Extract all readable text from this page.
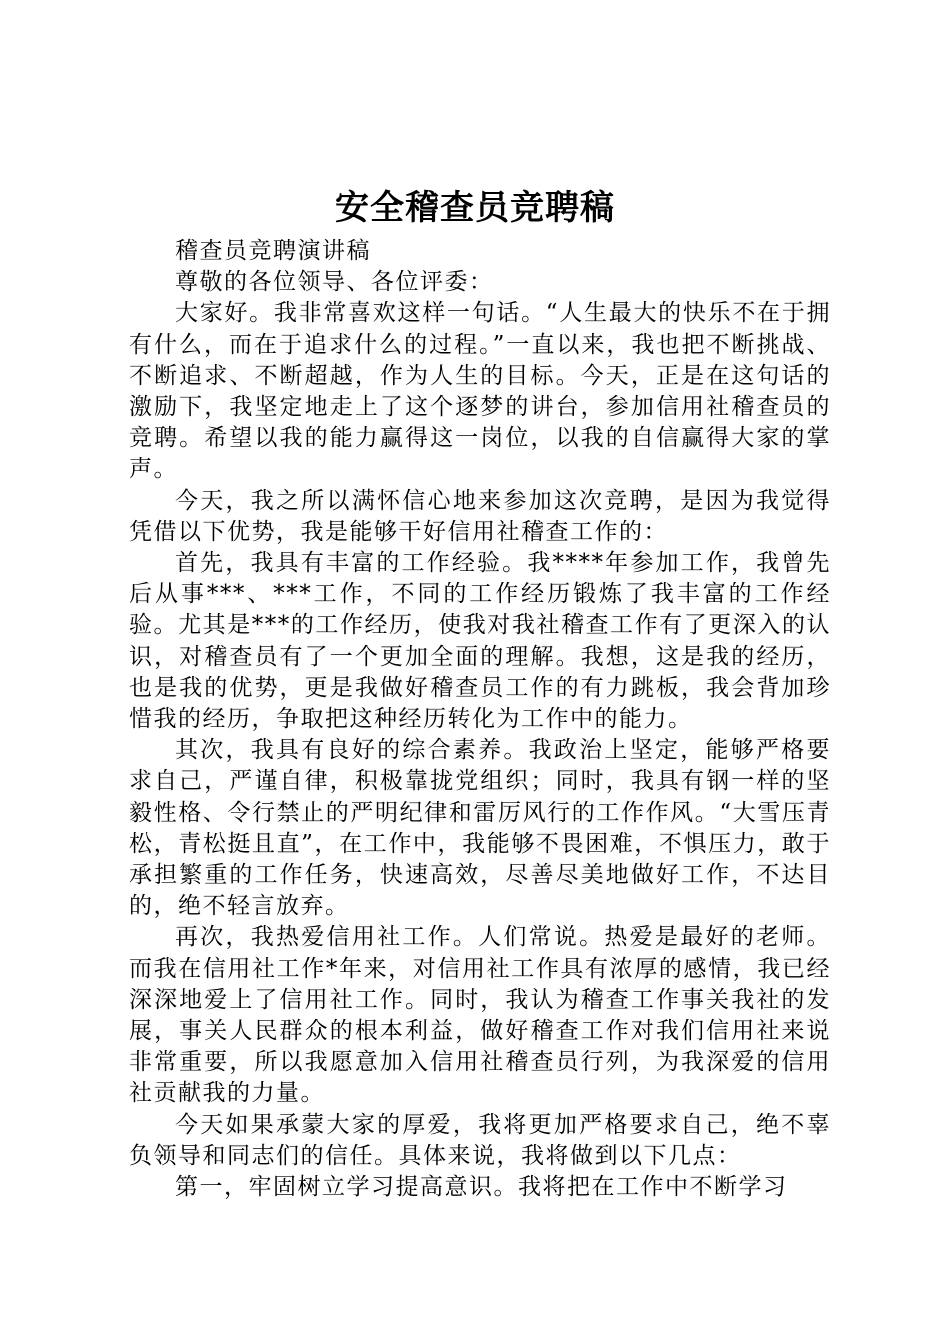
安全稽查员竞聘稿

稽查员竞聘演讲稿

尊敬的各位领导、各位评委：

大家好。我非常喜欢这样一句话。“人生最大的快乐不在于拥有什么，而在于追求什么的过程。”一直以来，我也把不断挑战、不断追求、不断超越，作为人生的目标。今天，正是在这句话的激励下，我坚定地走上了这个逐梦的讲台，参加信用社稽查员的竞聘。希望以我的能力赢得这一岗位，以我的自信赢得大家的掌声。

今天，我之所以满怀信心地来参加这次竞聘，是因为我觉得凭借以下优势，我是能够干好信用社稽查工作的：

首先，我具有丰富的工作经验。我****年参加工作，我曾先后从事***、***工作，不同的工作经历锻炼了我丰富的工作经验。尤其是***的工作经历，使我对我社稽查工作有了更深入的认识，对稽查员有了一个更加全面的理解。我想，这是我的经历，也是我的优势，更是我做好稽查员工作的有力跳板，我会背加珍惜我的经历，争取把这种经历转化为工作中的能力。

其次，我具有良好的综合素养。我政治上坚定，能够严格要求自己，严谨自律，积极靠拢党组织；同时，我具有钢一样的坚毅性格、令行禁止的严明纪律和雷厉风行的工作作风。“大雪压青松，青松挺且直”，在工作中，我能够不畏困难，不惧压力，敢于承担繁重的工作任务，快速高效，尽善尽美地做好工作，不达目的，绝不轻言放弃。

再次，我热爱信用社工作。人们常说。热爱是最好的老师。而我在信用社工作*年来，对信用社工作具有浓厚的感情，我已经深深地爱上了信用社工作。同时，我认为稽查工作事关我社的发展，事关人民群众的根本利益，做好稽查工作对我们信用社来说非常重要，所以我愿意加入信用社稽查员行列，为我深爱的信用社贡献我的力量。

今天如果承蒙大家的厚爱，我将更加严格要求自己，绝不辜负领导和同志们的信任。具体来说，我将做到以下几点：

第一，牢固树立学习提高意识。我将把在工作中不断学习
